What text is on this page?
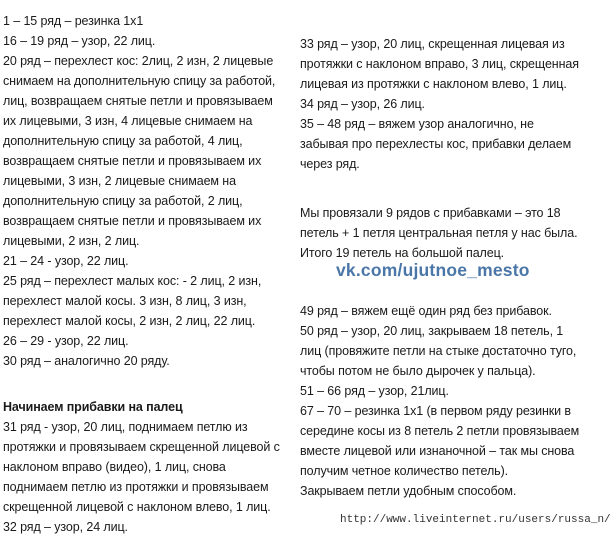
1 – 15 ряд – резинка 1х1
16 – 19 ряд – узор, 22 лиц.
20 ряд – перехлест кос: 2лиц, 2 изн, 2 лицевые
снимаем на дополнительную спицу за работой,
лиц, возвращаем снятые петли и провязываем
их лицевыми, 3 изн, 4 лицевые снимаем на
дополнительную спицу за работой, 4 лиц,
возвращаем снятые петли и провязываем их
лицевыми, 3 изн, 2 лицевые снимаем на
дополнительную спицу за работой, 2 лиц,
возвращаем снятые петли и провязываем их
лицевыми, 2 изн, 2 лиц.
21 – 24 - узор, 22 лиц.
25 ряд – перехлест малых кос: - 2 лиц, 2 изн,
перехлест малой косы. 3 изн, 8 лиц, 3 изн,
перехлест малой косы, 2 изн, 2 лиц, 22 лиц.
26 – 29 - узор, 22 лиц.
30 ряд – аналогично 20 ряду.
Начинаем прибавки на палец
31 ряд - узор, 20 лиц, поднимаем петлю из
протяжки и провязываем скрещенной лицевой с
наклоном вправо (видео), 1 лиц, снова
поднимаем петлю из протяжки и провязываем
скрещенной лицевой с наклоном влево, 1 лиц.
32 ряд – узор, 24 лиц.
33 ряд – узор, 20 лиц, скрещенная лицевая из
протяжки с наклоном вправо, 3 лиц, скрещенная
лицевая из протяжки с наклоном влево, 1 лиц.
34 ряд – узор, 26 лиц.
35 – 48 ряд – вяжем узор аналогично, не
забывая про перехлесты кос, прибавки делаем
через ряд.
Мы провязали 9 рядов с прибавками – это 18
петель + 1 петля центральная петля у нас была.
Итого 19 петель на большой палец.
49 ряд – вяжем ещё один ряд без прибавок.
50 ряд – узор, 20 лиц, закрываем 18 петель, 1
лиц (провяжите петли на стыке достаточно туго,
чтобы потом не было дырочек у пальца).
51 – 66 ряд – узор, 21лиц.
67 – 70 – резинка 1х1 (в первом ряду резинки в
середине косы из 8 петель 2 петли провязываем
вместе лицевой или изнаночной – так мы снова
получим четное количество петель).
Закрываем петли удобным способом.
vk.com/ujutnoe_mesto
http://www.liveinternet.ru/users/russa_n/
